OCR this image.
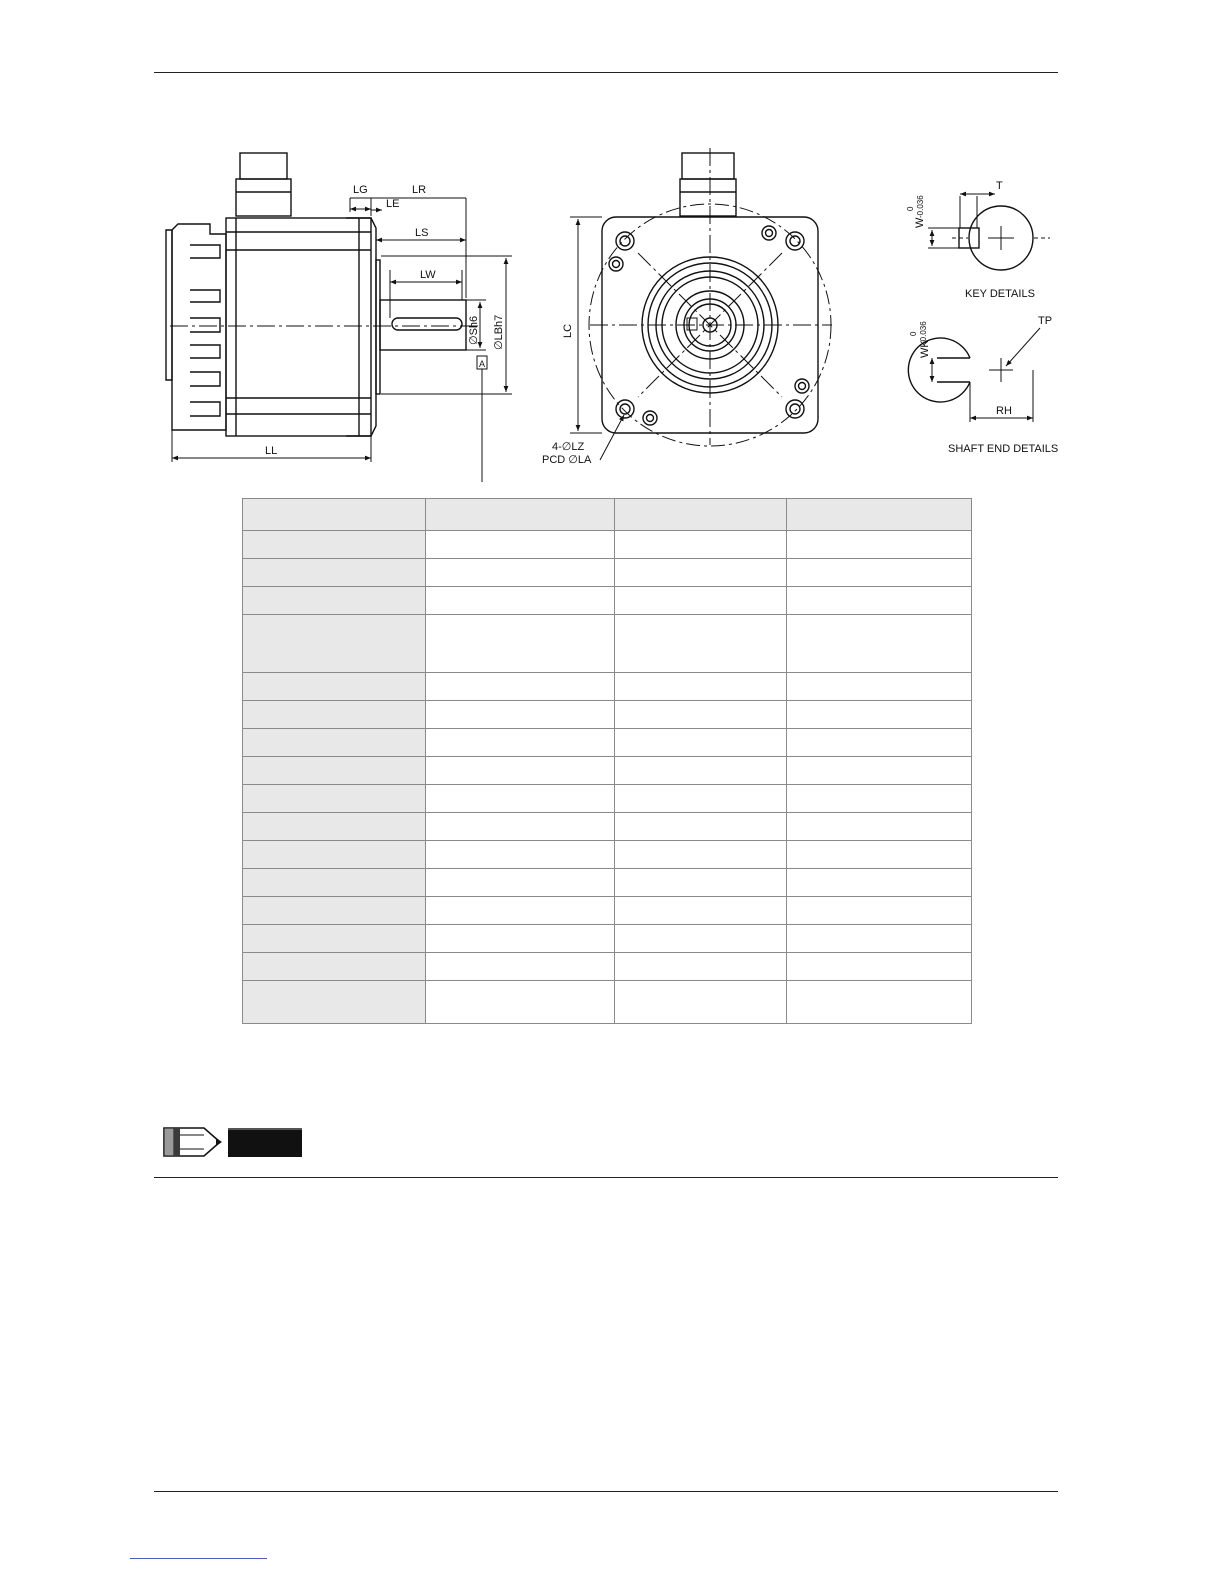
LG	LR
LE
LS
LW
LL
∅Sh6 ∅LBh7
A
LC
4-∅LZ
PCD ∅LA
KEY DETAILS
W
0 -0.036
T
SHAFT END DETAILS
WK
0 -0.036
TP
RH
